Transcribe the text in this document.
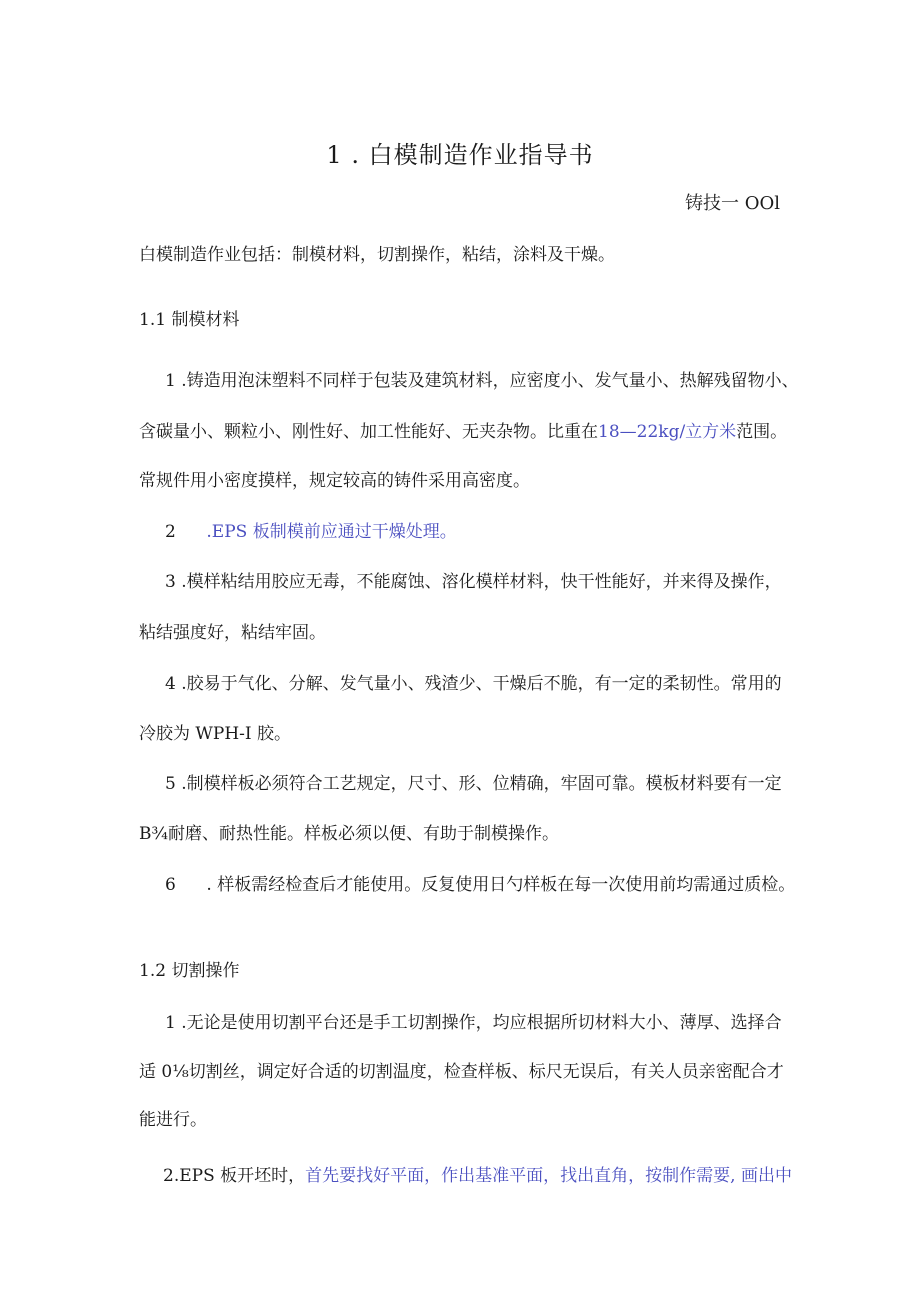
1 . 白模制造作业指导书
铸技一 OOl
白模制造作业包括：制模材料，切割操作，粘结，涂料及干燥。
1.1 制模材料
1 .铸造用泡沫塑料不同样于包装及建筑材料，应密度小、发气量小、热解残留物小、
含碳量小、颗粒小、刚性好、加工性能好、无夹杂物。比重在18—22kg/立方米范围。
常规件用小密度摸样，规定较高的铸件采用高密度。
2 .EPS 板制模前应通过干燥处理。
3 .模样粘结用胶应无毒，不能腐蚀、溶化模样材料，快干性能好，并来得及操作，
粘结强度好，粘结牢固。
4 .胶易于气化、分解、发气量小、残渣少、干燥后不脆，有一定的柔韧性。常用的
冷胶为 WPH-I 胶。
5 .制模样板必须符合工艺规定，尺寸、形、位精确，牢固可靠。模板材料要有一定
B¾耐磨、耐热性能。样板必须以便、有助于制模操作。
6 . 样板需经检查后才能使用。反复使用日勺样板在每一次使用前均需通过质检。
1.2 切割操作
1 .无论是使用切割平台还是手工切割操作，均应根据所切材料大小、薄厚、选择合
适 0⅛切割丝，调定好合适的切割温度，检查样板、标尺无误后，有关人员亲密配合才
能进行。
2.EPS 板开坯时，首先要找好平面，作出基准平面，找出直角，按制作需要, 画出中
